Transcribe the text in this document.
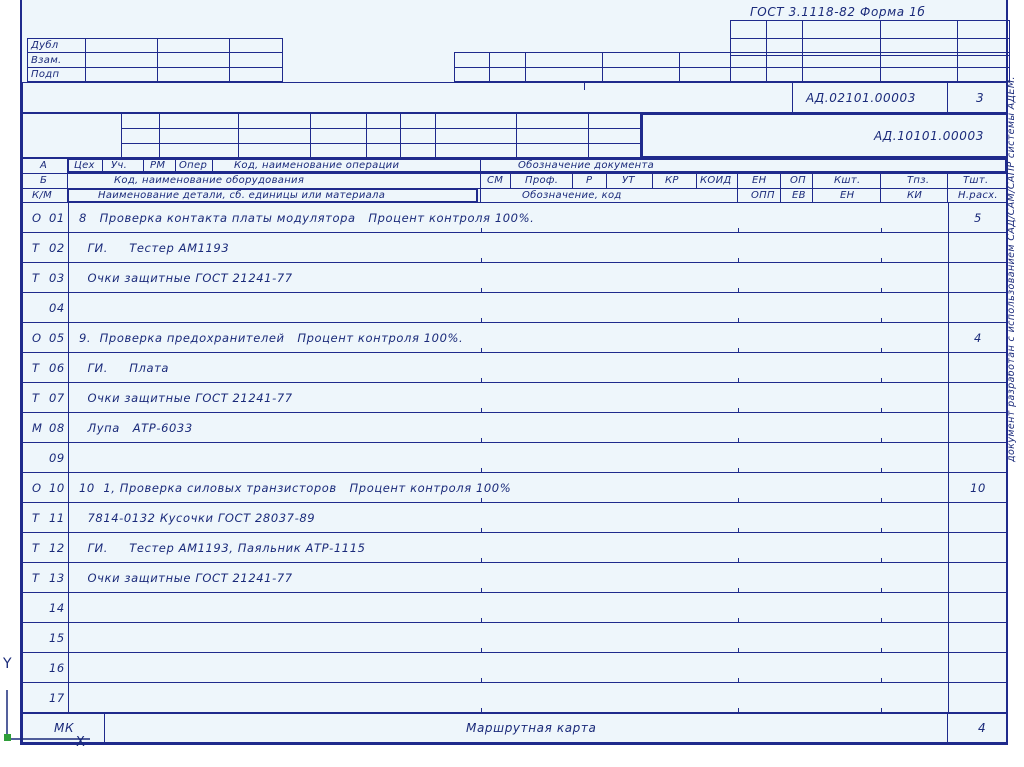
ГОСТ 3.1118-82 Форма 1б
Дубл
Взам.
Подп
АД.02101.00003	3
АД.10101.00003
А	Цех Уч. РМ Опер	Код, наименование операции	Обозначение документа
Б	Код, наименование оборудования	СМ Проф.	Р	УТ	КР КОИД ЕН ОП	Кшт.	Тпз.	Тшт.
К/М	Наименование детали, сб. единицы или материала	Обозначение, код	ОПП ЕВ	ЕН	КИ	Н.расх.
О 01 8   Проверка контакта платы модулятора   Процент контроля 100%.	5
Т 02 ГИ.     Тестер АМ1193
Т 03 Очки защитные ГОСТ 21241-77
04
О 05 9.  Проверка предохранителей   Процент контроля 100%.	4
Т 06 ГИ.     Плата
Т 07 Очки защитные ГОСТ 21241-77
М 08 Лупа   АТР-6033
09
О 10 10  1, Проверка силовых транзисторов   Процент контроля 100%	10
Т 11 7814-0132 Кусочки ГОСТ 28037-89
Т 12 ГИ.     Тестер АМ1193, Паяльник АТР-1115
Т 13 Очки защитные ГОСТ 21241-77
14
15
16
17
МК	Маршрутная карта	4
документ разработан с использованием САД/САМ/САПР системы АДЕМ.
Y
X
